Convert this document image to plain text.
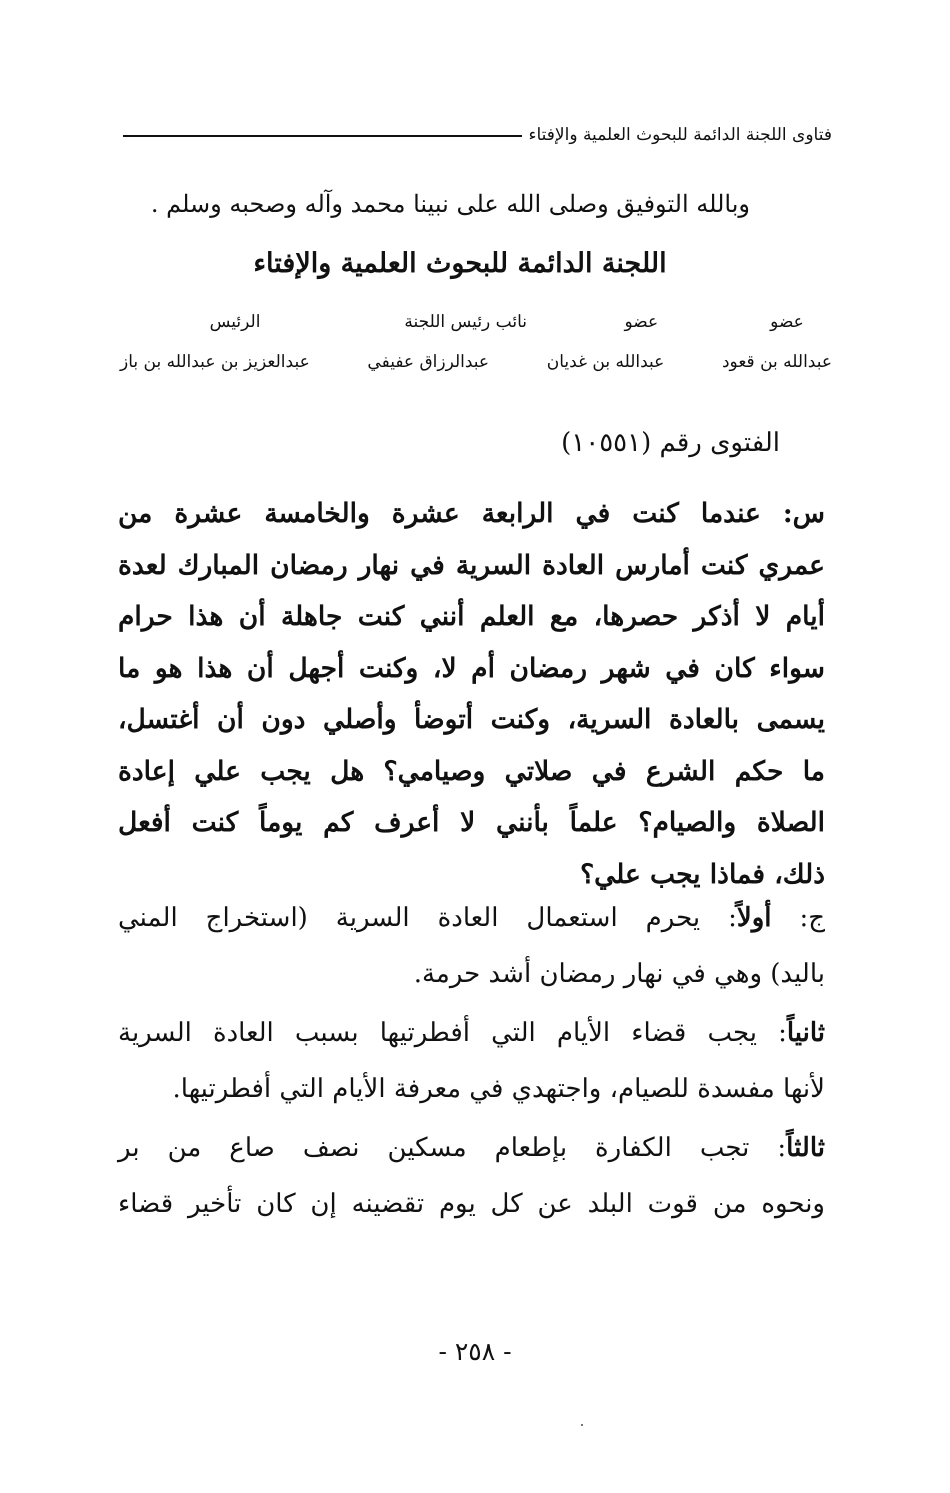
فتاوى اللجنة الدائمة للبحوث العلمية والإفتاء
وبالله التوفيق وصلى الله على نبينا محمد وآله وصحبه وسلم .
اللجنة الدائمة للبحوث العلمية والإفتاء
عضو
عضو
نائب رئيس اللجنة
الرئيس
عبدالله بن قعود
عبدالله بن غديان
عبدالرزاق عفيفي
عبدالعزيز بن عبدالله بن باز
الفتوى رقم (١٠٥٥١)
س: عندما كنت في الرابعة عشرة والخامسة عشرة من
عمري كنت أمارس العادة السرية في نهار رمضان المبارك لعدة
أيام لا أذكر حصرها، مع العلم أنني كنت جاهلة أن هذا حرام
سواء كان في شهر رمضان أم لا، وكنت أجهل أن هذا هو ما
يسمى بالعادة السرية، وكنت أتوضأ وأصلي دون أن أغتسل،
ما حكم الشرع في صلاتي وصيامي؟ هل يجب علي إعادة
الصلاة والصيام؟ علماً بأنني لا أعرف كم يوماً كنت أفعل
ذلك، فماذا يجب علي؟
ج: أولاً: يحرم استعمال العادة السرية (استخراج المني
باليد) وهي في نهار رمضان أشد حرمة.
ثانياً: يجب قضاء الأيام التي أفطرتيها بسبب العادة السرية
لأنها مفسدة للصيام، واجتهدي في معرفة الأيام التي أفطرتيها.
ثالثاً: تجب الكفارة بإطعام مسكين نصف صاع من بر
ونحوه من قوت البلد عن كل يوم تقضينه إن كان تأخير قضاء
- ٢٥٨ -
